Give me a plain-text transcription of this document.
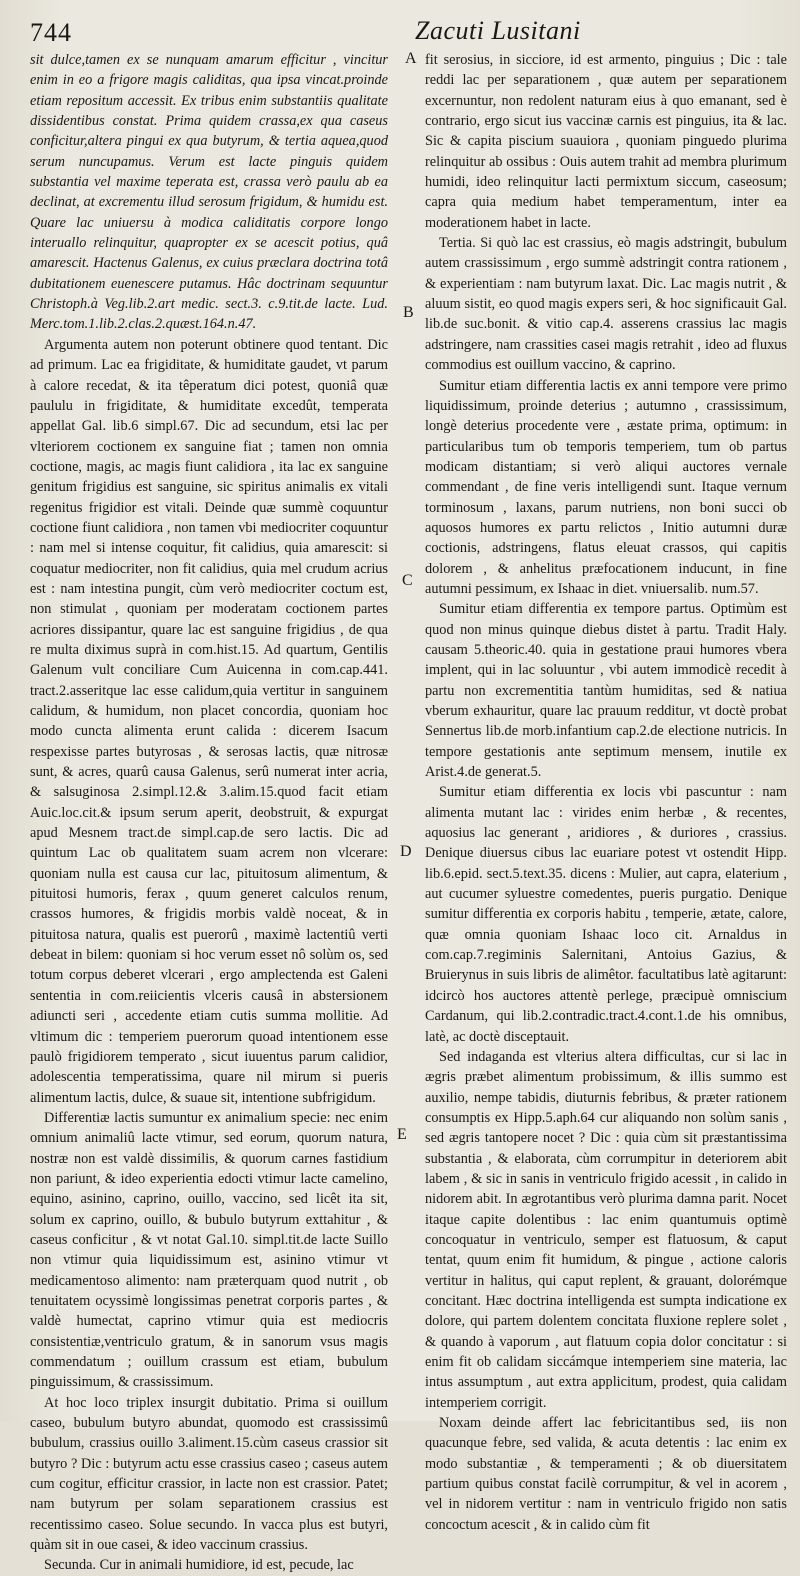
744	Zacuti Lusitani

sit dulce,tamen ex se nunquam amarum efficitur , vincitur enim in eo a frigore magis caliditas, qua ipsa vincat.proinde etiam repositum accessit. Ex tribus enim substantiis qualitate dissidentibus constat. Prima quidem crassa,ex qua caseus conficitur,altera pingui ex qua butyrum, & tertia aquea,quod serum nuncupamus. Verum est lacte pinguis quidem substantia vel maxime teperata est, crassa verò paulu ab ea declinat, at excrementu illud serosum frigidum, & humidu est. Quare lac uniuersu à modica caliditatis corpore longo interuallo relinquitur, quapropter ex se acescit potius, quâ amarescit. Hactenus Galenus, ex cuius præclara doctrina totâ dubitationem euenescere putamus. Hâc doctrinam sequuntur Christoph.à Veg.lib.2.art medic. sect.3. c.9.tit.de lacte. Lud. Merc.tom.1.lib.2.clas.2.quæst.164.n.47.

Argumenta autem non poterunt obtinere quod tentant. Dic ad primum. Lac ea frigiditate, & humiditate gaudet, vt parum à calore recedat, & ita têperatum dici potest, quoniâ quæ paululu in frigiditate, & humiditate excedût, temperata appellat Gal. lib.6 simpl.67. Dic ad secundum, etsi lac per vlteriorem coctionem ex sanguine fiat ; tamen non omnia coctione, magis, ac magis fiunt calidiora , ita lac ex sanguine genitum frigidius est sanguine, sic spiritus animalis ex vitali regenitus frigidior est vitali. Deinde quæ summè coquuntur coctione fiunt calidiora , non tamen vbi mediocriter coquuntur : nam mel si intense coquitur, fit calidius, quia amarescit: si coquatur mediocriter, non fit calidius, quia mel crudum acrius est : nam intestina pungit, cùm verò mediocriter coctum est, non stimulat , quoniam per moderatam coctionem partes acriores dissipantur, quare lac est sanguine frigidius , de qua re multa diximus suprà in com.hist.15. Ad quartum, Gentilis Galenum vult conciliare Cum Auicenna in com.cap.441. tract.2.asseritque lac esse calidum,quia vertitur in sanguinem calidum, & humidum, non placet concordia, quoniam hoc modo cuncta alimenta erunt calida : dicerem Isacum respexisse partes butyrosas , & serosas lactis, quæ nitrosæ sunt, & acres, quarû causa Galenus, serû numerat inter acria, & salsuginosa 2.simpl.12.& 3.alim.15.quod facit etiam Auic.loc.cit.& ipsum serum aperit, deobstruit, & expurgat apud Mesnem tract.de simpl.cap.de sero lactis. Dic ad quintum Lac ob qualitatem suam acrem non vlcerare: quoniam nulla est causa cur lac, pituitosum alimentum, & pituitosi humoris, ferax , quum generet calculos renum, crassos humores, & frigidis morbis valdè noceat, & in pituitosa natura, qualis est puerorû , maximè lactentiû verti debeat in bilem: quoniam si hoc verum esset nô solùm os, sed totum corpus deberet vlcerari , ergo amplectenda est Galeni sententia in com.reiicientis vlceris causâ in abstersionem adiuncti seri , accedente etiam cutis summa mollitie. Ad vltimum dic : temperiem puerorum quoad intentionem esse paulò frigidiorem temperato , sicut iuuentus parum calidior, adolescentia temperatissima, quare nil mirum si pueris alimentum lactis, dulce, & suaue sit, intentione subfrigidum.

Differentiæ lactis sumuntur ex animalium specie: nec enim omnium animaliû lacte vtimur, sed eorum, quorum natura, nostræ non est valdè dissimilis, & quorum carnes fastidium non pariunt, & ideo experientia edocti vtimur lacte camelino, equino, asinino, caprino, ouillo, vaccino, sed licêt ita sit, solum ex caprino, ouillo, & bubulo butyrum exttahitur , & caseus conficitur , & vt notat Gal.10. simpl.tit.de lacte Suillo non vtimur quia liquidissimum est, asinino vtimur vt medicamentoso alimento: nam præterquam quod nutrit , ob tenuitatem ocyssimè longissimas penetrat corporis partes , & valdè humectat, caprino vtimur quia est mediocris consistentiæ,ventriculo gratum, & in sanorum vsus magis commendatum ; ouillum crassum est etiam, bubulum pinguissimum, & crassissimum.

At hoc loco triplex insurgit dubitatio. Prima si ouillum caseo, bubulum butyro abundat, quomodo est crassissimû bubulum, crassius ouillo 3.aliment.15.cùm caseus crassior sit butyro ? Dic : butyrum actu esse crassius caseo ; caseus autem cum cogitur, efficitur crassior, in lacte non est crassior. Patet; nam butyrum per solam separationem crassius est recentissimo caseo. Solue secundo. In vacca plus est butyri, quàm sit in oue casei, & ideo vaccinum crassius.

Secunda. Cur in animali humidiore, id est, pecude, lac

A
B
C
D
E

fit serosius, in sicciore, id est armento, pinguius ; Dic : tale reddi lac per separationem , quæ autem per separationem excernuntur, non redolent naturam eius à quo emanant, sed è contrario, ergo sicut ius vaccinæ carnis est pinguius, ita & lac. Sic & capita piscium suauiora , quoniam pinguedo plurima relinquitur ab ossibus : Ouis autem trahit ad membra plurimum humidi, ideo relinquitur lacti permixtum siccum, caseosum; capra quia medium habet temperamentum, inter ea moderationem habet in lacte.

Tertia. Si quò lac est crassius, eò magis adstringit, bubulum autem crassissimum , ergo summè adstringit contra rationem , & experientiam : nam butyrum laxat. Dic. Lac magis nutrit , & aluum sistit, eo quod magis expers seri, & hoc significauit Gal. lib.de suc.bonit. & vitio cap.4. asserens crassius lac magis adstringere, nam crassities casei magis retrahit , ideo ad fluxus commodius est ouillum vaccino, & caprino.

Sumitur etiam differentia lactis ex anni tempore vere primo liquidissimum, proinde deterius ; autumno , crassissimum, longè deterius procedente vere , æstate prima, optimum: in particularibus tum ob temporis temperiem, tum ob partus modicam distantiam; si verò aliqui auctores vernale commendant , de fine veris intelligendi sunt. Itaque vernum torminosum , laxans, parum nutriens, non boni succi ob aquosos humores ex partu relictos , Initio autumni duræ coctionis, adstringens, flatus eleuat crassos, qui capitis dolorem , & anhelitus præfocationem inducunt, in fine autumni pessimum, ex Ishaac in diet. vniuersalib. num.57.

Sumitur etiam differentia ex tempore partus. Optimùm est quod non minus quinque diebus distet à partu. Tradit Haly. causam 5.theoric.40. quia in gestatione praui humores vbera implent, qui in lac soluuntur , vbi autem immodicè recedit à partu non excrementitia tantùm humiditas, sed & natiua vberum exhauritur, quare lac prauum redditur, vt doctè probat Sennertus lib.de morb.infantium cap.2.de electione nutricis. In tempore gestationis ante septimum mensem, inutile ex Arist.4.de generat.5.

Sumitur etiam differentia ex locis vbi pascuntur : nam alimenta mutant lac : virides enim herbæ , & recentes, aquosius lac generant , aridiores , & duriores , crassius. Denique diuersus cibus lac euariare potest vt ostendit Hipp. lib.6.epid. sect.5.text.35. dicens : Mulier, aut capra, elaterium , aut cucumer syluestre comedentes, pueris purgatio. Denique sumitur differentia ex corporis habitu , temperie, ætate, calore, quæ omnia quoniam Ishaac loco cit. Arnaldus in com.cap.7.regiminis Salernitani, Antoius Gazius, & Bruierynus in suis libris de alimêtor. facultatibus latè agitarunt: idcircò hos auctores attentè perlege, præcipuè omniscium Cardanum, qui lib.2.contradic.tract.4.cont.1.de his omnibus, latè, ac doctè disceptauit.

Sed indaganda est vlterius altera difficultas, cur si lac in ægris præbet alimentum probissimum, & illis summo est auxilio, nempe tabidis, diuturnis febribus, & præter rationem consumptis ex Hipp.5.aph.64 cur aliquando non solùm sanis , sed ægris tantopere nocet ? Dic : quia cùm sit præstantissima substantia , & elaborata, cùm corrumpitur in deteriorem abit labem , & sic in sanis in ventriculo frigido acessit , in calido in nidorem abit. In ægrotantibus verò plurima damna parit. Nocet itaque capite dolentibus : lac enim quantumuis optimè concoquatur in ventriculo, semper est flatuosum, & caput tentat, quum enim fit humidum, & pingue , actione caloris vertitur in halitus, qui caput replent, & grauant, dolorémque concitant. Hæc doctrina intelligenda est sumpta indicatione ex dolore, qui partem dolentem concitata fluxione replere solet , & quando à vaporum , aut flatuum copia dolor concitatur : si enim fit ob calidam siccámque intemperiem sine materia, lac intus assumptum , aut extra applicitum, prodest, quia calidam intemperiem corrigit.

Noxam deinde affert lac febricitantibus sed, iis non quacunque febre, sed valida, & acuta detentis : lac enim ex modo substantiæ , & temperamenti ; & ob diuersitatem partium quibus constat facilè corrumpitur, & vel in acorem , vel in nidorem vertitur : nam in ventriculo frigido non satis concoctum acescit , & in calido cùm fit
